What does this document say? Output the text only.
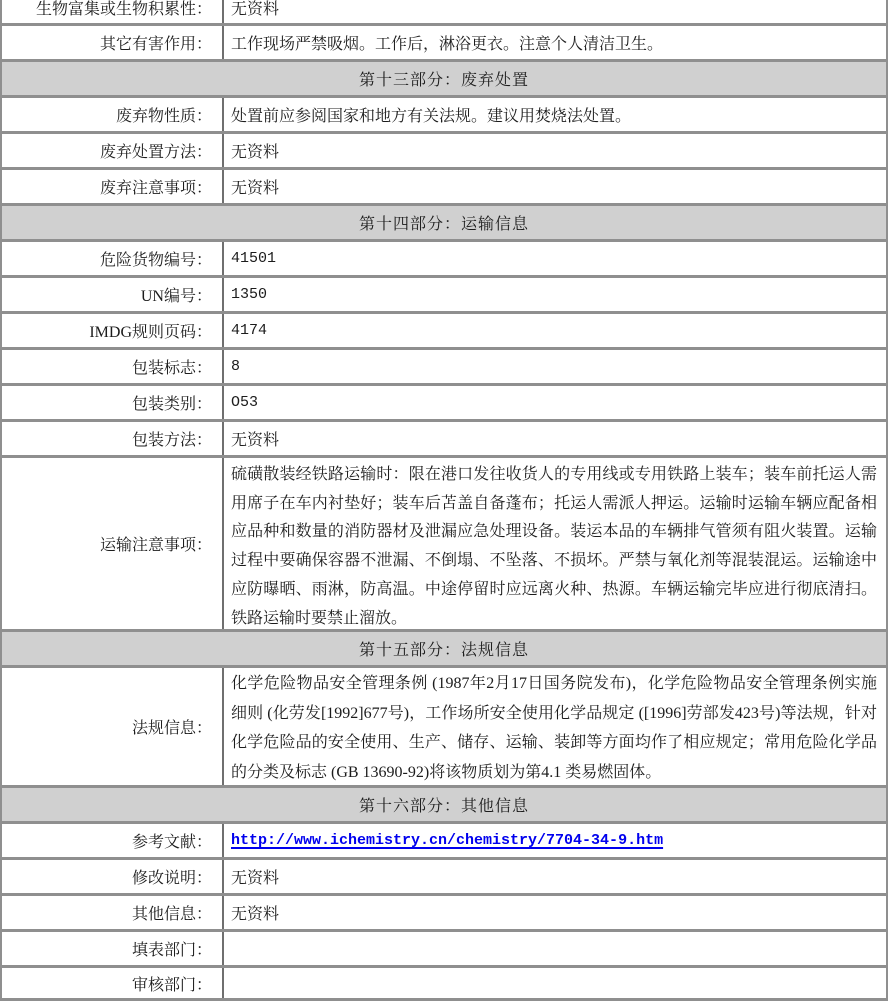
生物富集或生物积累性： 无资料
其它有害作用： 工作现场严禁吸烟。工作后，淋浴更衣。注意个人清洁卫生。
第十三部分：废弃处置
废弃物性质： 处置前应参阅国家和地方有关法规。建议用焚烧法处置。
废弃处置方法： 无资料
废弃注意事项： 无资料
第十四部分：运输信息
危险货物编号： 41501
UN编号： 1350
IMDG规则页码： 4174
包装标志： 8
包装类别： O53
包装方法： 无资料
运输注意事项：
硫磺散装经铁路运输时：限在港口发往收货人的专用线或专用铁路上装车；装车前托运人需用席子在车内衬垫好；装车后苫盖自备蓬布；托运人需派人押运。运输时运输车辆应配备相应品种和数量的消防器材及泄漏应急处理设备。装运本品的车辆排气管须有阻火装置。运输过程中要确保容器不泄漏、不倒塌、不坠落、不损坏。严禁与氧化剂等混装混运。运输途中应防曝晒、雨淋，防高温。中途停留时应远离火种、热源。车辆运输完毕应进行彻底清扫。铁路运输时要禁止溜放。
第十五部分：法规信息
法规信息：
化学危险物品安全管理条例 (1987年2月17日国务院发布)，化学危险物品安全管理条例实施细则 (化劳发[1992]677号)，工作场所安全使用化学品规定 ([1996]劳部发423号)等法规，针对化学危险品的安全使用、生产、储存、运输、装卸等方面均作了相应规定；常用危险化学品的分类及标志 (GB 13690-92)将该物质划为第4.1 类易燃固体。
第十六部分：其他信息
参考文献： http://www.ichemistry.cn/chemistry/7704-34-9.htm
修改说明： 无资料
其他信息： 无资料
填表部门：
审核部门：
